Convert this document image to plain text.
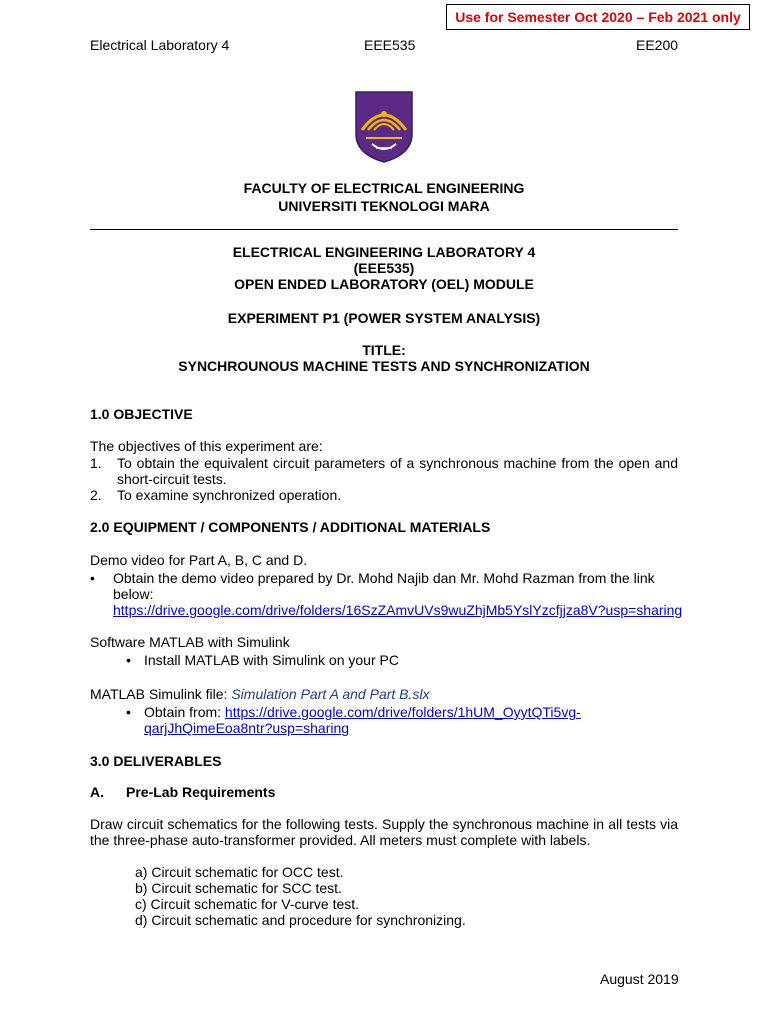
Use for Semester Oct 2020 – Feb 2021 only
Electrical Laboratory 4	EEE535	EE200
FACULTY OF ELECTRICAL ENGINEERING
UNIVERSITI TEKNOLOGI MARA
ELECTRICAL ENGINEERING LABORATORY 4
(EEE535)
OPEN ENDED LABORATORY (OEL) MODULE
EXPERIMENT P1 (POWER SYSTEM ANALYSIS)
TITLE:
SYNCHROUNOUS MACHINE TESTS AND SYNCHRONIZATION
1.0 OBJECTIVE
The objectives of this experiment are:
1. To obtain the equivalent circuit parameters of a synchronous machine from the open and
short-circuit tests.
2. To examine synchronized operation.
2.0 EQUIPMENT / COMPONENTS / ADDITIONAL MATERIALS
Demo video for Part A, B, C and D.
• Obtain the demo video prepared by Dr. Mohd Najib dan Mr. Mohd Razman from the link
below:
https://drive.google.com/drive/folders/16SzZAmvUVs9wuZhjMb5YslYzcfjjza8V?usp=sharing
Software MATLAB with Simulink
• Install MATLAB with Simulink on your PC
MATLAB Simulink file: Simulation Part A and Part B.slx
• Obtain from: https://drive.google.com/drive/folders/1hUM_OyytQTi5vg-
qarjJhQimeEoa8ntr?usp=sharing
3.0 DELIVERABLES
A. Pre-Lab Requirements
Draw circuit schematics for the following tests. Supply the synchronous machine in all tests via
the three-phase auto-transformer provided. All meters must complete with labels.
a) Circuit schematic for OCC test.
b) Circuit schematic for SCC test.
c) Circuit schematic for V-curve test.
d) Circuit schematic and procedure for synchronizing.
August 2019
